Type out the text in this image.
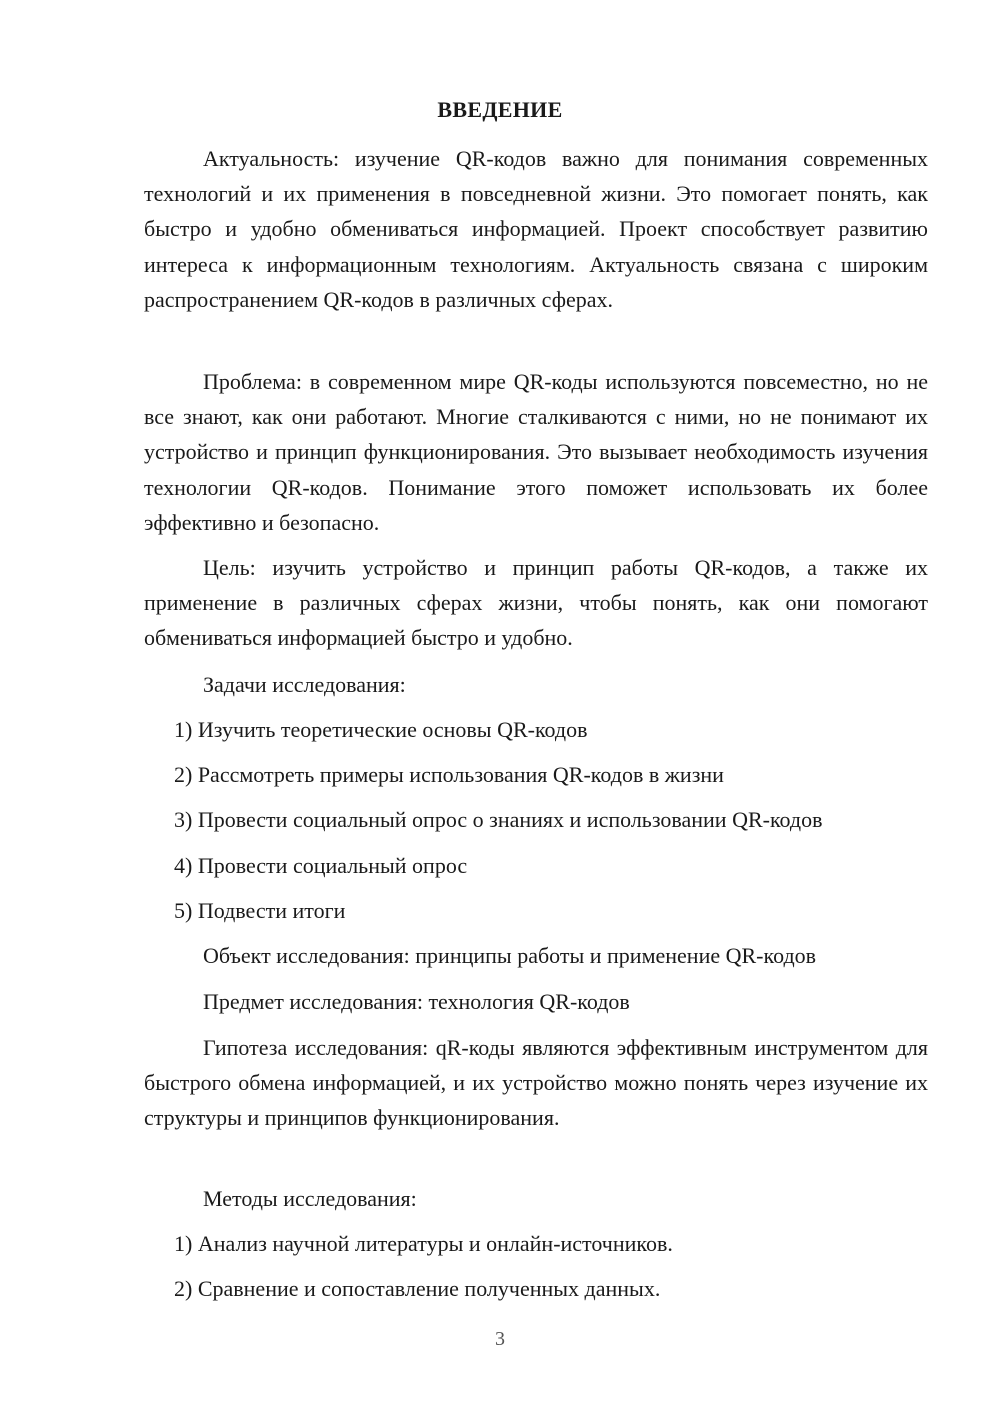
ВВЕДЕНИЕ

Актуальность: изучение QR-кодов важно для понимания современных технологий и их применения в повседневной жизни. Это помогает понять, как быстро и удобно обмениваться информацией. Проект способствует развитию интереса к информационным технологиям. Актуальность связана с широким распространением QR-кодов в различных сферах.

Проблема: в современном мире QR-коды используются повсеместно, но не все знают, как они работают. Многие сталкиваются с ними, но не понимают их устройство и принцип функционирования. Это вызывает необходимость изучения технологии QR-кодов. Понимание этого поможет использовать их более эффективно и безопасно.

Цель: изучить устройство и принцип работы QR-кодов, а также их применение в различных сферах жизни, чтобы понять, как они помогают обмениваться информацией быстро и удобно.

Задачи исследования:

1) Изучить теоретические основы QR-кодов

2) Рассмотреть примеры использования QR-кодов в жизни

3) Провести социальный опрос о знаниях и использовании QR-кодов

4) Провести социальный опрос

5) Подвести итоги

Объект исследования: принципы работы и применение QR-кодов

Предмет исследования: технология QR-кодов

Гипотеза исследования: qR-коды являются эффективным инструментом для быстрого обмена информацией, и их устройство можно понять через изучение их структуры и принципов функционирования.

Методы исследования:

1) Анализ научной литературы и онлайн-источников.

2) Сравнение и сопоставление полученных данных.

3
